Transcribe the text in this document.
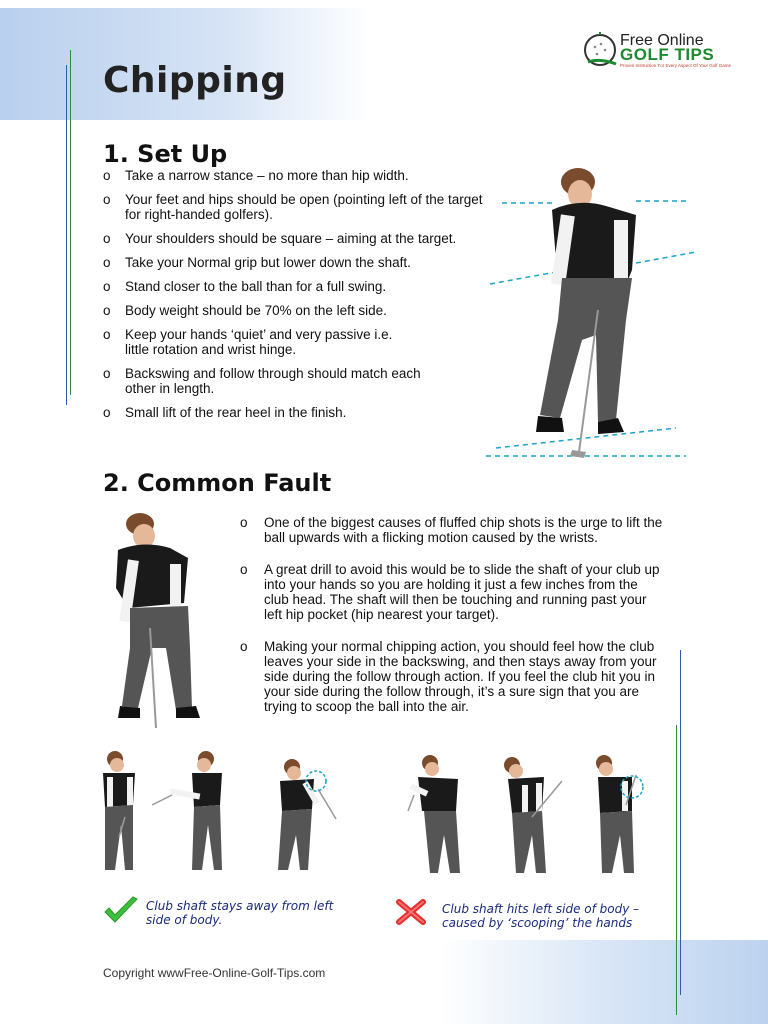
Chipping
Free Online
GOLF TIPS
Proven Instruction For Every Aspect Of Your Golf Game
1. Set Up
o Take a narrow stance – no more than hip width.
o Your feet and hips should be open (pointing left of the target for right-handed golfers).
o Your shoulders should be square – aiming at the target.
o Take your Normal grip but lower down the shaft.
o Stand closer to the ball than for a full swing.
o Body weight should be 70% on the left side.
o Keep your hands ‘quiet’ and very passive i.e. little rotation and wrist hinge.
o Backswing and follow through should match each other in length.
o Small lift of the rear heel in the finish.
2. Common Fault
o One of the biggest causes of fluffed chip shots is the urge to lift the ball upwards with a flicking motion caused by the wrists.
o A great drill to avoid this would be to slide the shaft of your club up into your hands so you are holding it just a few inches from the club head. The shaft will then be touching and running past your left hip pocket (hip nearest your target).
o Making your normal chipping action, you should feel how the club leaves your side in the backswing, and then stays away from your side during the follow through action. If you feel the club hit you in your side during the follow through, it’s a sure sign that you are trying to scoop the ball into the air.
Club shaft stays away from left side of body.
Club shaft hits left side of body – caused by ‘scooping’ the hands
Copyright wwwFree-Online-Golf-Tips.com
